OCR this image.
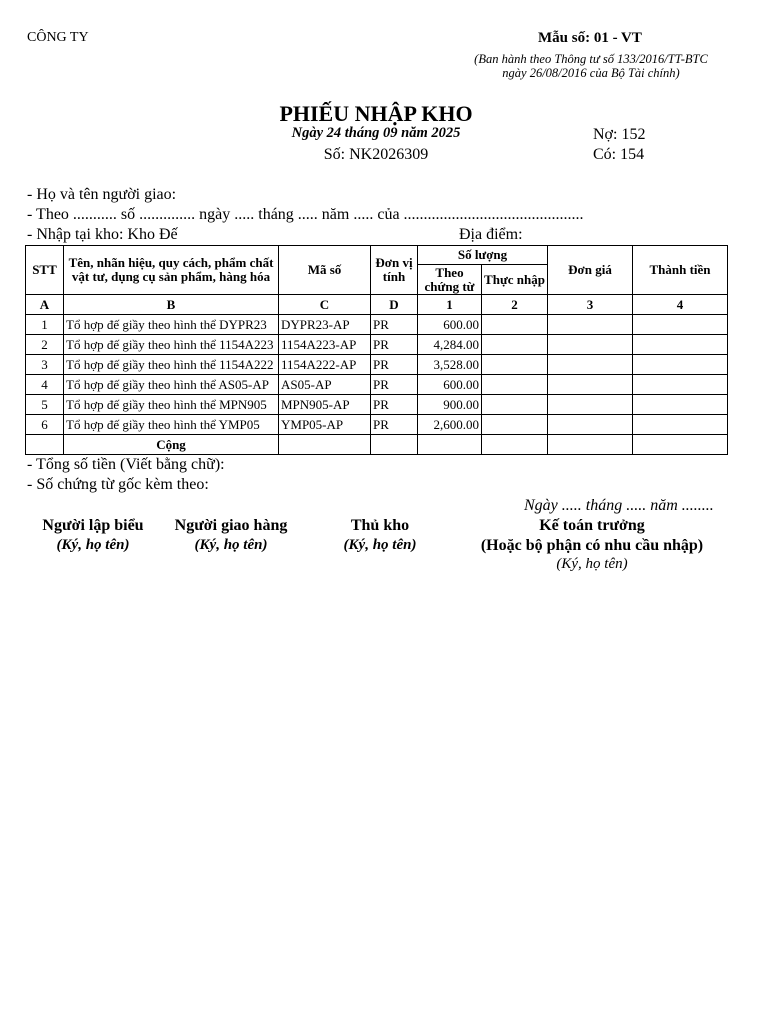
CÔNG TY	Mẫu số: 01 - VT
(Ban hành theo Thông tư số 133/2016/TT-BTC
ngày 26/08/2016 của Bộ Tài chính)
PHIẾU NHẬP KHO
Ngày 24 tháng 09 năm 2025
Số: NK2026309
Nợ: 152
Có: 154
- Họ và tên người giao:
- Theo ........... số .............. ngày ..... tháng ..... năm ..... của .............................................
- Nhập tại kho: Kho Đế	Địa điểm:
STT	Tên, nhãn hiệu, quy cách, phẩm chất vật tư, dụng cụ sản phẩm, hàng hóa	Mã số	Đơn vị tính	Số lượng		Đơn giá	Thành tiền
				Theo chứng từ	Thực nhập		
A	B	C	D	1	2	3	4
1	Tổ hợp đế giầy theo hình thể DYPR23	DYPR23-AP	PR	600.00			
2	Tổ hợp đế giầy theo hình thể 1154A223	1154A223-AP	PR	4,284.00			
3	Tổ hợp đế giầy theo hình thể 1154A222	1154A222-AP	PR	3,528.00			
4	Tổ hợp đế giầy theo hình thể AS05-AP	AS05-AP	PR	600.00			
5	Tổ hợp đế giầy theo hình thể MPN905	MPN905-AP	PR	900.00			
6	Tổ hợp đế giầy theo hình thể YMP05	YMP05-AP	PR	2,600.00			
	Cộng						
- Tổng số tiền (Viết bằng chữ):
- Số chứng từ gốc kèm theo:
Ngày ..... tháng ..... năm ........
Người lập biểu
(Ký, họ tên)
Người giao hàng
(Ký, họ tên)
Thủ kho
(Ký, họ tên)
Kế toán trưởng
(Hoặc bộ phận có nhu cầu nhập)
(Ký, họ tên)
